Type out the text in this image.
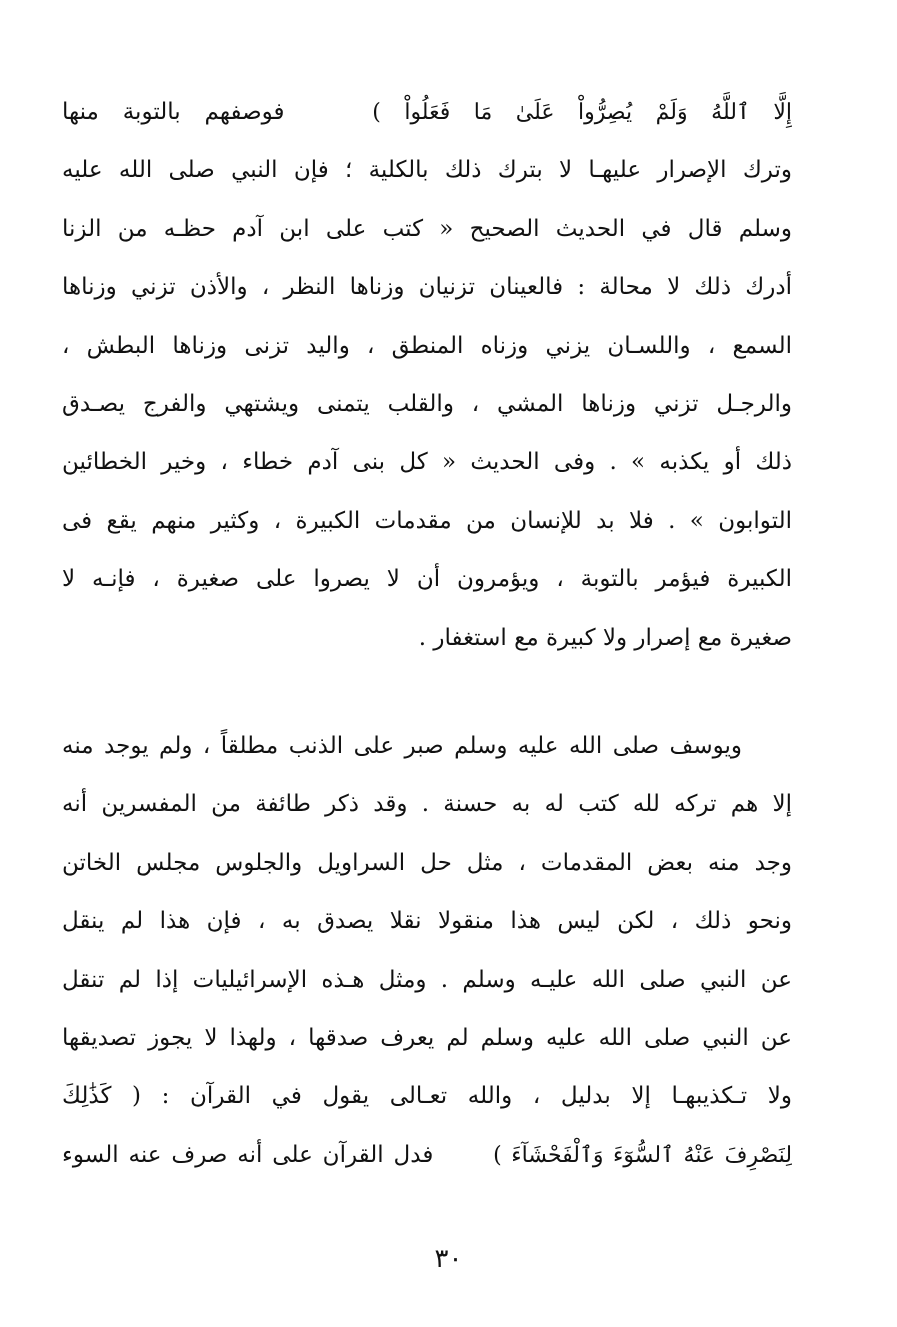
إِلَّا ٱللَّهُ وَلَمْ يُصِرُّواْ عَلَىٰ مَا فَعَلُواْ )  فوصفهم بالتوبة منها
وترك الإصرار عليهـا لا بترك ذلك بالكلية ؛ فإن النبي صلى الله عليه
وسلم قال في الحديث الصحيح « كتب على ابن آدم حظـه من الزنا
أدرك ذلك لا محالة : فالعينان تزنيان وزناها النظر ، والأذن تزني وزناها
السمع ، واللسـان يزني وزناه المنطق ، واليد تزنى وزناها البطش ،
والرجـل تزني وزناها المشي ، والقلب يتمنى ويشتهي والفرج يصـدق
ذلك أو يكذبه » . وفى الحديث « كل بنى آدم خطاء ، وخير الخطائين
التوابون » . فلا بد للإنسان من مقدمات الكبيرة ، وكثير منهم يقع فى
الكبيرة فيؤمر بالتوبة ، ويؤمرون أن لا يصروا على صغيرة ، فإنـه لا
صغيرة مع إصرار ولا كبيرة مع استغفار .
ويوسف صلى الله عليه وسلم صبر على الذنب مطلقاً ، ولم يوجد منه
إلا هم تركه لله كتب له به حسنة . وقد ذكر طائفة من المفسرين أنه
وجد منه بعض المقدمات ، مثل حل السراويل والجلوس مجلس الخاتن
ونحو ذلك ، لكن ليس هذا منقولا نقلا يصدق به ، فإن هذا لم ينقل
عن النبي صلى الله عليـه وسلم . ومثل هـذه الإسرائيليات إذا لم تنقل
عن النبي صلى الله عليه وسلم لم يعرف صدقها ، ولهذا لا يجوز تصديقها
ولا تـكذيبهـا إلا بدليل ، والله تعـالى يقول في القرآن : ( كَذَٰلِكَ
لِنَصْرِفَ عَنْهُ ٱلسُّوٓءَ وَٱلْفَحْشَآءَ )  فدل القرآن على أنه صرف عنه السوء
٣٠
